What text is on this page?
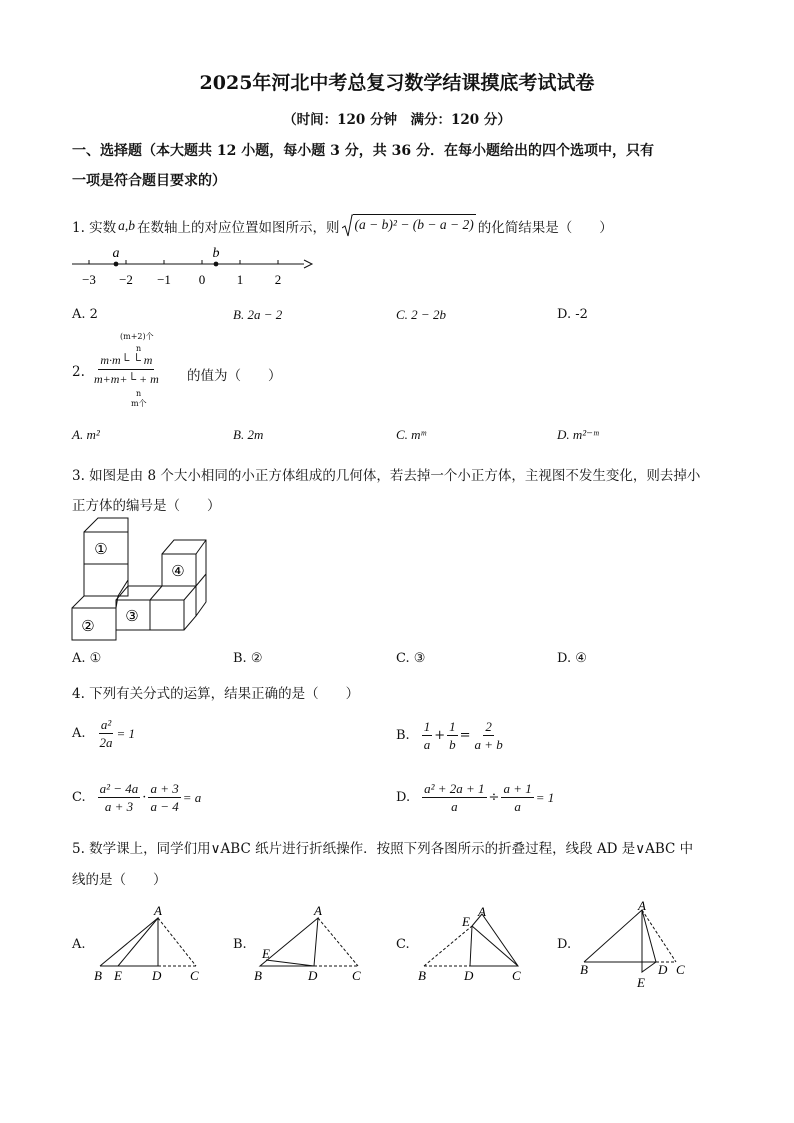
2025年河北中考总复习数学结课摸底考试试卷
（时间：120 分钟　满分：120 分）
一、选择题（本大题共 12 小题，每小题 3 分，共 36 分．在每小题给出的四个选项中，只有
一项是符合题目要求的）
1. 实数 a,b 在数轴上的对应位置如图所示，则 (a − b)² − (b − a − 2) 的化简结果是（　　）
−3 −2 −1 0 1 2
a	b
A. 2	B. 2a − 2	C. 2 − 2b	D. -2
(m+2)个
n
2. $\frac{m\cdot m└ └ m}{m+m+└ + m}$ 的值为（　　）
n
m个
A. m²	B. 2m	C. mᵐ	D. m²⁻ᵐ
3. 如图是由 8 个大小相同的小正方体组成的几何体，若去掉一个小正方体，主视图不发生变化，则去掉小
正方体的编号是（　　）
①
②
③
④
A. ①	B. ②	C. ③	D. ④
4. 下列有关分式的运算，结果正确的是（　　）
A. $\frac{\text{a²}}{2a} = 1$	B. $\frac{1}{a} + \frac{1}{b} = \frac{2}{a + b}$
C. $\frac{\text{a² − 4a}}{a + 3} \cdot \frac{a + 3}{a - 4} = a$	D. $\frac{\text{a² + 2a + 1}}{a} \div \frac{a + 1}{a} = 1$
5. 数学课上，同学们用∨ABC 纸片进行折纸操作．按照下列各图所示的折叠过程，线段 AD 是∨ABC 中
线的是（　　）
A.
A
B E D C
B.
A
E
B	D	C
C.
A
E
B	D	C
D.
A
B	D C
E
